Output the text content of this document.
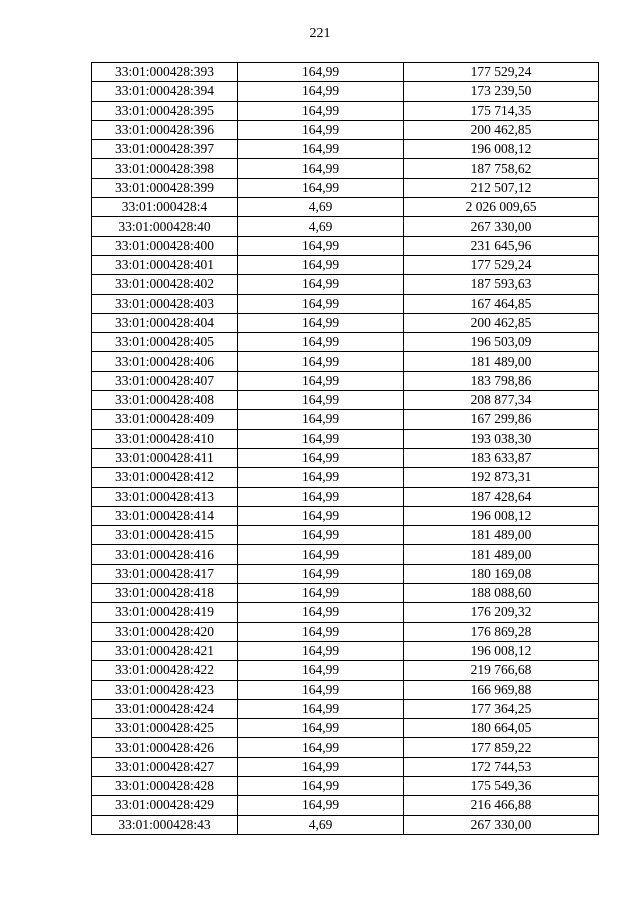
221
33:01:000428:393	164,99	177 529,24
33:01:000428:394	164,99	173 239,50
33:01:000428:395	164,99	175 714,35
33:01:000428:396	164,99	200 462,85
33:01:000428:397	164,99	196 008,12
33:01:000428:398	164,99	187 758,62
33:01:000428:399	164,99	212 507,12
33:01:000428:4	4,69	2 026 009,65
33:01:000428:40	4,69	267 330,00
33:01:000428:400	164,99	231 645,96
33:01:000428:401	164,99	177 529,24
33:01:000428:402	164,99	187 593,63
33:01:000428:403	164,99	167 464,85
33:01:000428:404	164,99	200 462,85
33:01:000428:405	164,99	196 503,09
33:01:000428:406	164,99	181 489,00
33:01:000428:407	164,99	183 798,86
33:01:000428:408	164,99	208 877,34
33:01:000428:409	164,99	167 299,86
33:01:000428:410	164,99	193 038,30
33:01:000428:411	164,99	183 633,87
33:01:000428:412	164,99	192 873,31
33:01:000428:413	164,99	187 428,64
33:01:000428:414	164,99	196 008,12
33:01:000428:415	164,99	181 489,00
33:01:000428:416	164,99	181 489,00
33:01:000428:417	164,99	180 169,08
33:01:000428:418	164,99	188 088,60
33:01:000428:419	164,99	176 209,32
33:01:000428:420	164,99	176 869,28
33:01:000428:421	164,99	196 008,12
33:01:000428:422	164,99	219 766,68
33:01:000428:423	164,99	166 969,88
33:01:000428:424	164,99	177 364,25
33:01:000428:425	164,99	180 664,05
33:01:000428:426	164,99	177 859,22
33:01:000428:427	164,99	172 744,53
33:01:000428:428	164,99	175 549,36
33:01:000428:429	164,99	216 466,88
33:01:000428:43	4,69	267 330,00
